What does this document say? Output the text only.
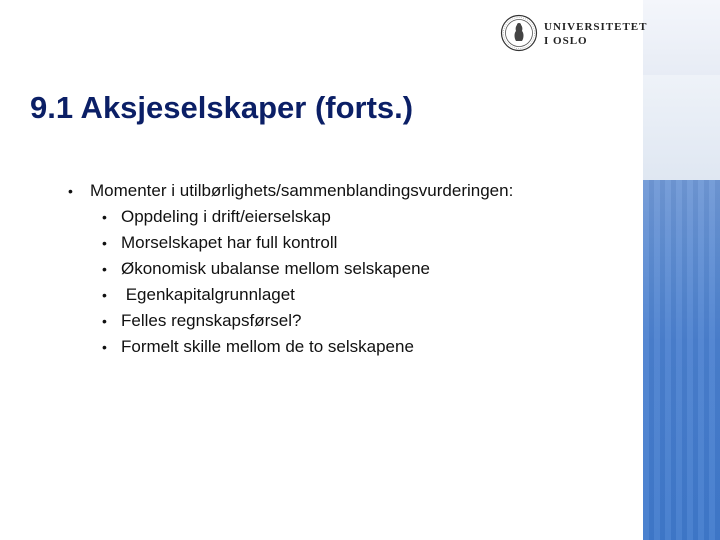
UNIVERSITETET
I OSLO
9.1 Aksjeselskaper (forts.)
• Momenter i utilbørlighets/sammenblandingsvurderingen:
• Oppdeling i drift/eierselskap
• Morselskapet har full kontroll
• Økonomisk ubalanse mellom selskapene
• Egenkapitalgrunnlaget
• Felles regnskapsførsel?
• Formelt skille mellom de to selskapene
